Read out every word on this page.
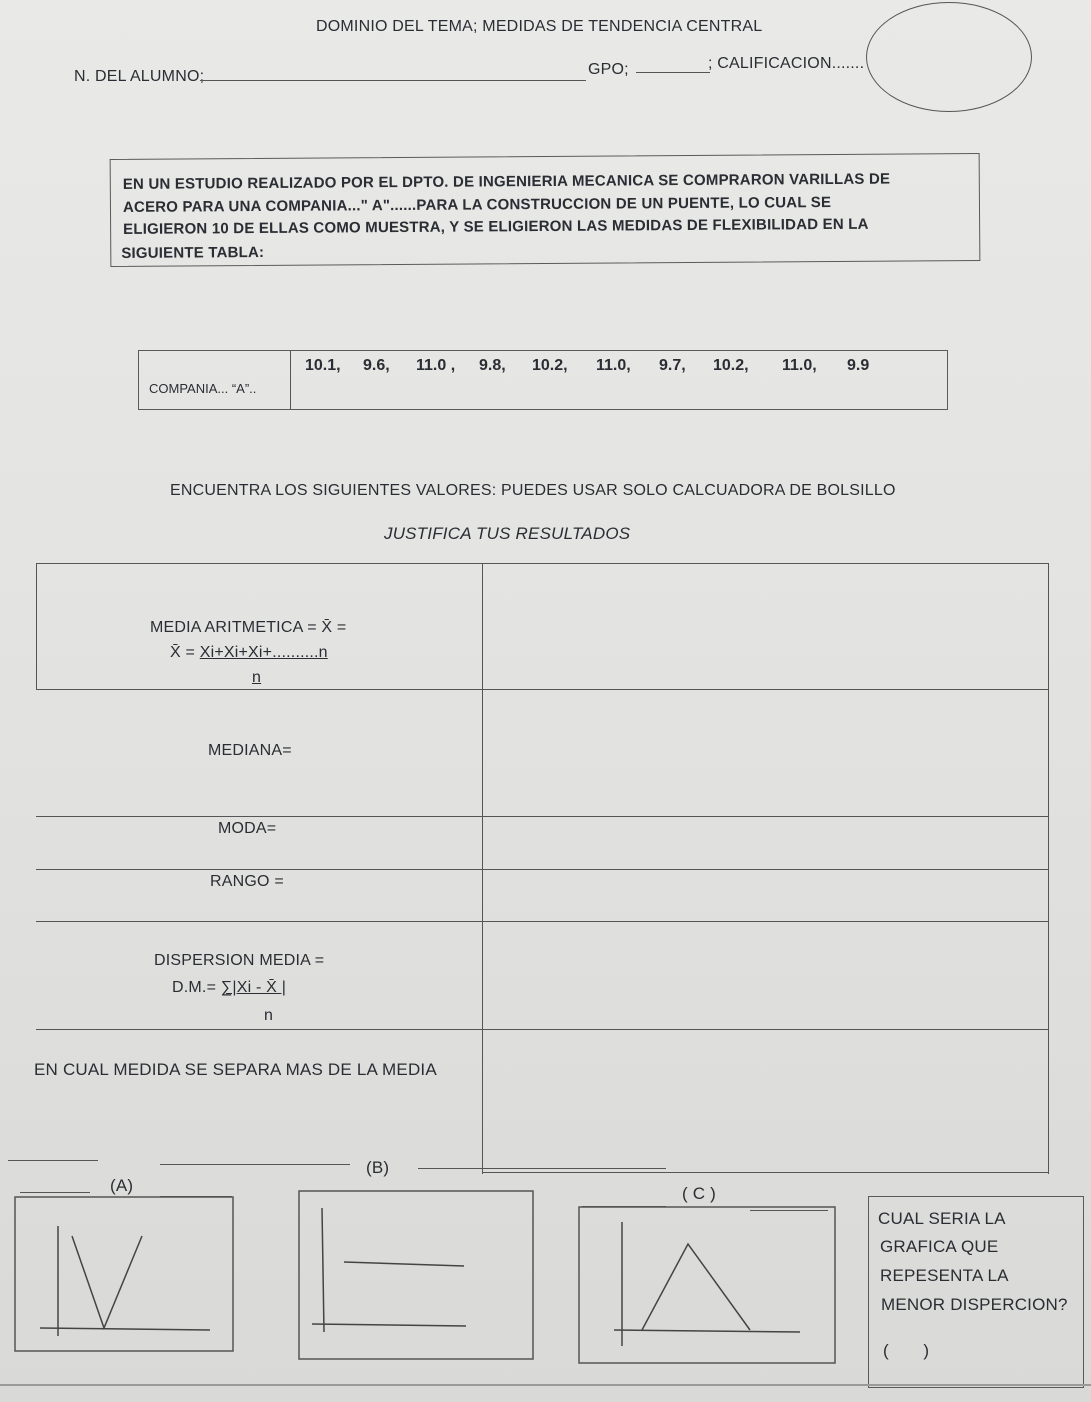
DOMINIO DEL TEMA; MEDIDAS DE TENDENCIA CENTRAL
N. DEL ALUMNO;	GPO;	; CALIFICACION.......
EN UN ESTUDIO REALIZADO POR EL DPTO. DE INGENIERIA MECANICA SE COMPRARON VARILLAS DE
ACERO PARA UNA COMPANIA..." A"......PARA LA CONSTRUCCION DE UN PUENTE, LO CUAL SE
ELIGIERON 10 DE ELLAS COMO MUESTRA, Y SE ELIGIERON LAS MEDIDAS DE FLEXIBILIDAD EN LA
SIGUIENTE TABLA:
COMPANIA... “A”..
10.1,	9.6,	11.0 ,	9.8,	10.2,	11.0,	9.7,	10.2,	11.0,	9.9
ENCUENTRA LOS SIGUIENTES VALORES: PUEDES USAR SOLO CALCUADORA DE BOLSILLO
JUSTIFICA TUS RESULTADOS
MEDIA ARITMETICA = X̄ =
X̄ = Xi+Xi+Xi+..........n
n
MEDIANA=
MODA=
RANGO =
DISPERSION MEDIA =
D.M.= ∑|Xi - X̄ |
n
EN CUAL MEDIDA SE SEPARA MAS DE LA MEDIA
(B)
(A)	( C )
CUAL SERIA LA
GRAFICA QUE
REPESENTA LA
MENOR DISPERCION?
(       )
